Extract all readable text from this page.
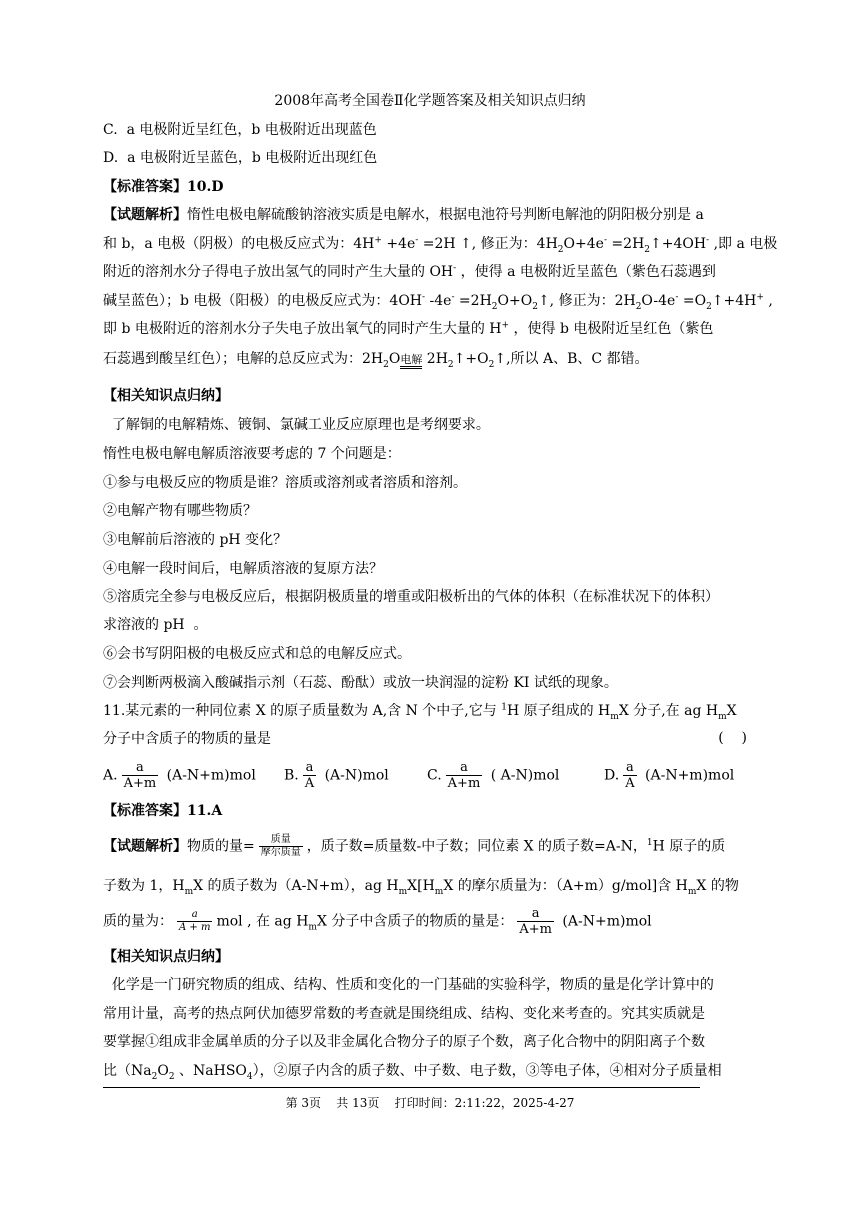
2008年高考全国卷Ⅱ化学题答案及相关知识点归纳
C.  a 电极附近呈红色，b 电极附近出现蓝色
D.  a 电极附近呈蓝色，b 电极附近出现红色
【标准答案】10.D
【试题解析】惰性电极电解硫酸钠溶液实质是电解水，根据电池符号判断电解池的阴阳极分别是 a
和 b，a 电极（阴极）的电极反应式为：4H+ +4e- =2H ↑, 修正为：$4H_2O+4e^-$ $=2H_2↑+4OH^-$ ,即 a 电极
附近的溶剂水分子得电子放出氢气的同时产生大量的 OH- ，使得 a 电极附近呈蓝色（紫色石蕊遇到
碱呈蓝色）；b 电极（阳极）的电极反应式为：4OH- $-4e^- =2H_2O+O_2↑$, 修正为：$2H_2O-4e^-$ $=O_2↑+4H^+$ ,
即 b 电极附近的溶剂水分子失电子放出氧气的同时产生大量的 H+ ，使得 b 电极附近呈红色（紫色
石蕊遇到酸呈红色）；电解的总反应式为：$2H_2O$电解 $2H_2↑+O_2↑$,所以 A、B、C 都错。
【相关知识点归纳】
了解铜的电解精炼、镀铜、氯碱工业反应原理也是考纲要求。
惰性电极电解电解质溶液要考虑的 7 个问题是：
①参与电极反应的物质是谁？溶质或溶剂或者溶质和溶剂。
②电解产物有哪些物质？
③电解前后溶液的 pH 变化？
④电解一段时间后，电解质溶液的复原方法？
⑤溶质完全参与电极反应后，根据阴极质量的增重或阳极析出的气体的体积（在标准状况下的体积）
求溶液的 pH  。
⑥会书写阴阳极的电极反应式和总的电解反应式。
⑦会判断两极滴入酸碱指示剂（石蕊、酚酞）或放一块润湿的淀粉 KI 试纸的现象。
11.某元素的一种同位素 X 的原子质量数为 A,含 N 个中子,它与 $^1$H 原子组成的 $H_mX$ 分子,在 ag $H_mX$
分子中含质子的物质的量是	(    )
A. $\frac{a}{A+m} (A-N+m)mol$ B. $\frac{a}{A} (A-N)mol$	C. $\frac{a}{A+m}$ ( A-N)mol	D. $\frac{a}{A} (A-N+m)mol$
【标准答案】11.A
【试题解析】物质的量= $\frac{\text{质量}}{\text{摩尔质量}}$ ，质子数=质量数-中子数；同位素 X 的质子数=A-N，$^1$H 原子的质
子数为 1，$H_mX$ 的质子数为（A-N+m），ag $H_mX[H_mX$ 的摩尔质量为：（A+m）g/mol]含 $H_mX$ 的物
质的量为： $\frac{a}{A + m}$ mol , 在 ag $H_mX$ 分子中含质子的物质的量是： $\frac{a}{A+m} (A-N+m)mol$
【相关知识点归纳】
化学是一门研究物质的组成、结构、性质和变化的一门基础的实验科学，物质的量是化学计算中的
常用计量，高考的热点阿伏加德罗常数的考查就是围绕组成、结构、变化来考查的。究其实质就是
要掌握①组成非金属单质的分子以及非金属化合物分子的原子个数，离子化合物中的阴阳离子个数
比（$Na_2O_2$ 、NaHSO$_4$），②原子内含的质子数、中子数、电子数，③等电子体，④相对分子质量相
第 3页    共 13页    打印时间：2:11:22，2025-4-27
